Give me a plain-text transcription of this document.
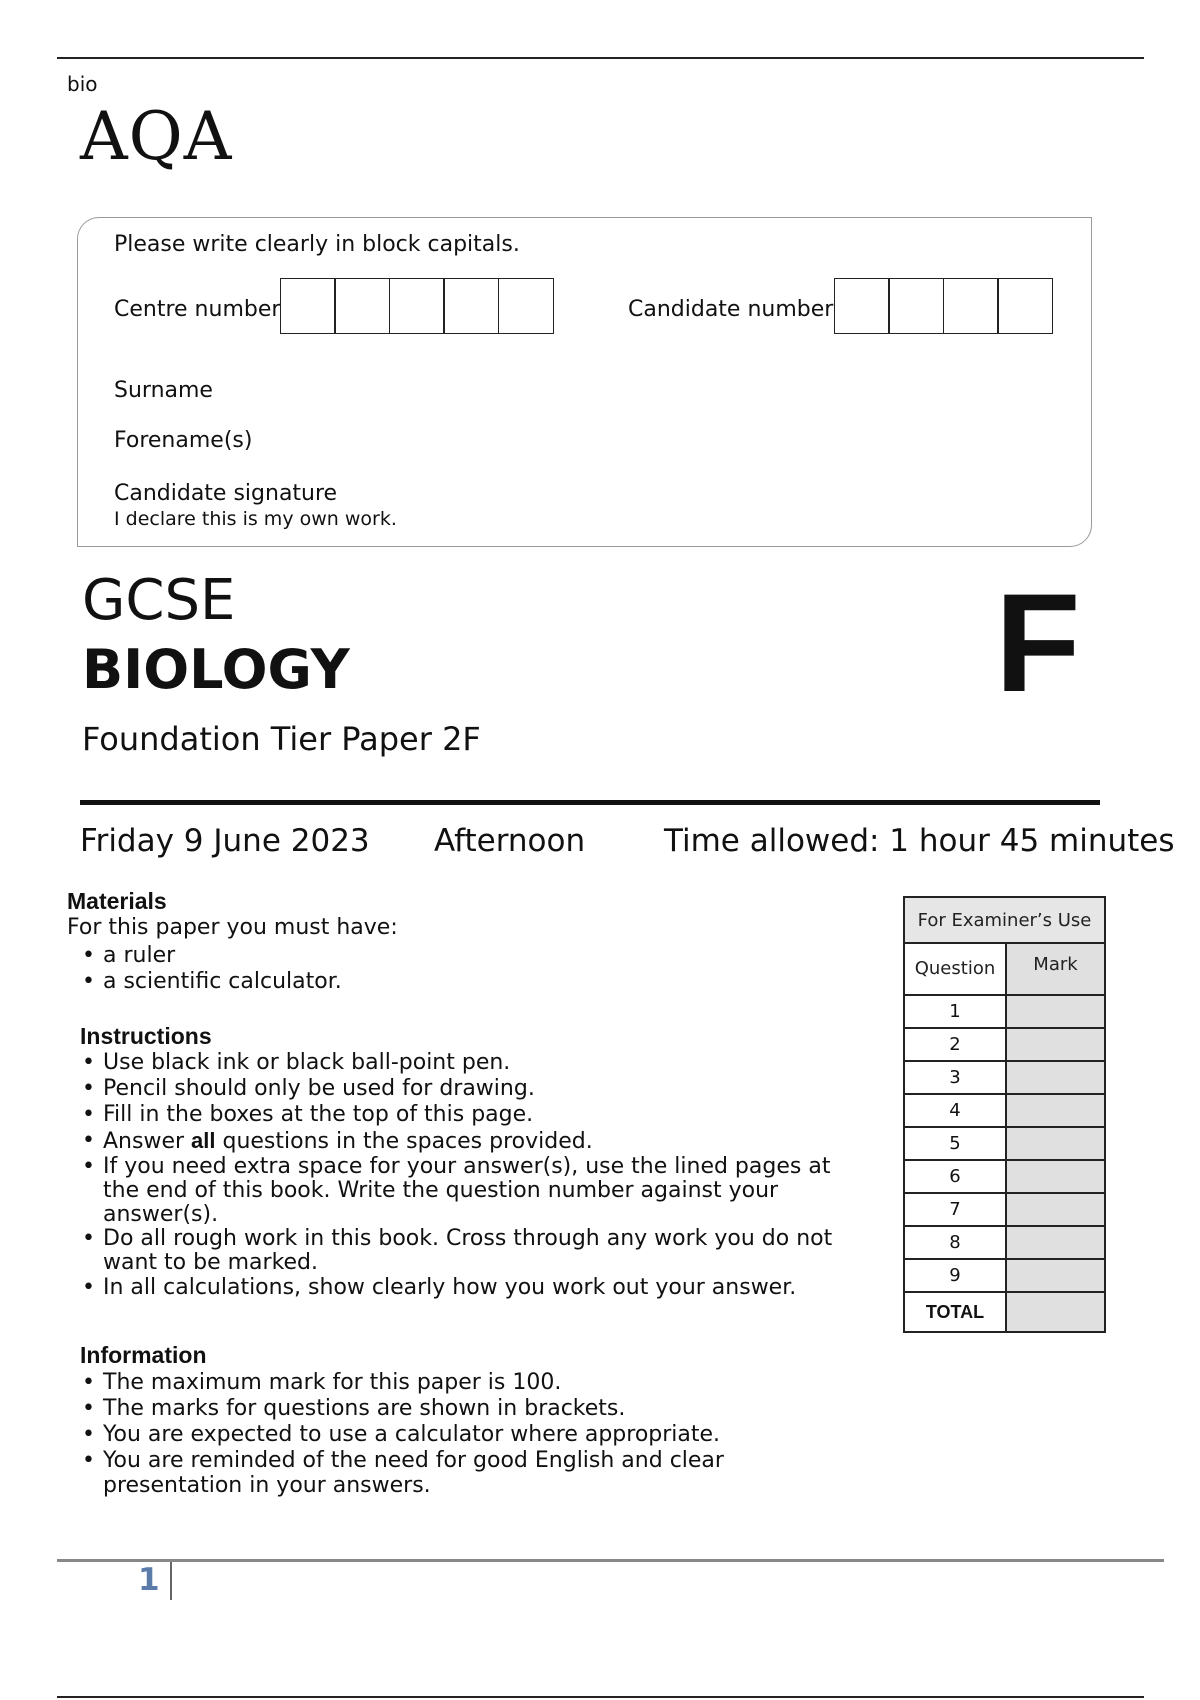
bio
AQA
Please write clearly in block capitals.
Centre number	Candidate number
Surname
Forename(s)
Candidate signature
I declare this is my own work.
GCSE
BIOLOGY	F
Foundation Tier Paper 2F
Friday 9 June 2023 Afternoon	Time allowed: 1 hour 45 minutes
Materials
For this paper you must have:
• a ruler
• a scientific calculator.
Instructions
• Use black ink or black ball-point pen.
• Pencil should only be used for drawing.
• Fill in the boxes at the top of this page.
• Answer all questions in the spaces provided.
• If you need extra space for your answer(s), use the lined pages at the end of this book. Write the question number against your answer(s).
• Do all rough work in this book. Cross through any work you do not want to be marked.
• In all calculations, show clearly how you work out your answer.
Information
• The maximum mark for this paper is 100.
• The marks for questions are shown in brackets.
• You are expected to use a calculator where appropriate.
• You are reminded of the need for good English and clear presentation in your answers.
For Examiner’s Use	
Question	Mark
1	
2	
3	
4	
5	
6	
7	
8	
9	
TOTAL	
1
